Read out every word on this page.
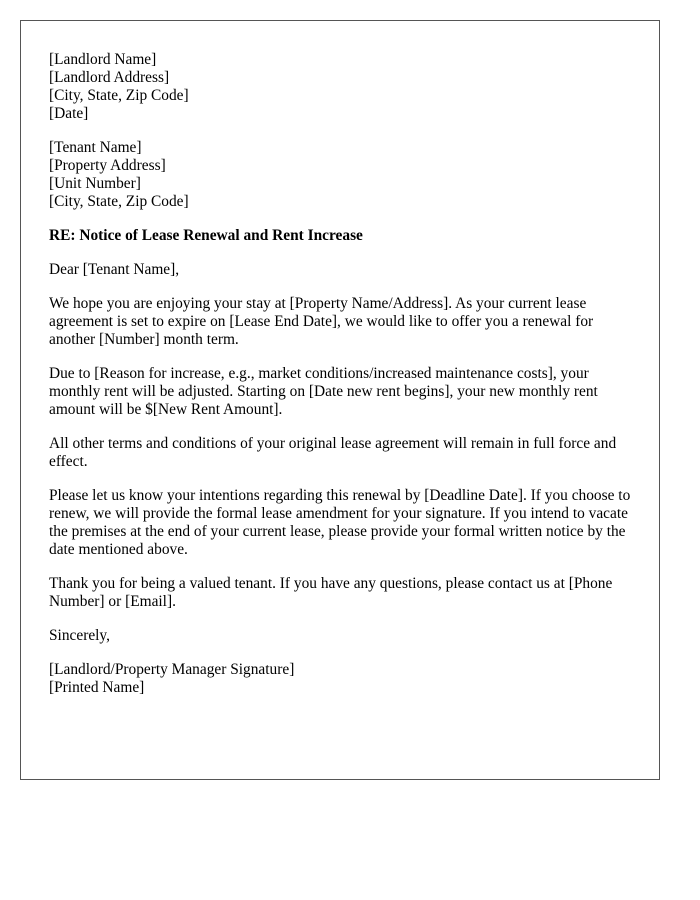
[Landlord Name]
[Landlord Address]
[City, State, Zip Code]
[Date]
[Tenant Name]
[Property Address]
[Unit Number]
[City, State, Zip Code]
RE: Notice of Lease Renewal and Rent Increase

Dear [Tenant Name],

We hope you are enjoying your stay at [Property Name/Address]. As your current lease agreement is set to expire on [Lease End Date], we would like to offer you a renewal for another [Number] month term.

Due to [Reason for increase, e.g., market conditions/increased maintenance costs], your monthly rent will be adjusted. Starting on [Date new rent begins], your new monthly rent amount will be $[New Rent Amount].

All other terms and conditions of your original lease agreement will remain in full force and effect.

Please let us know your intentions regarding this renewal by [Deadline Date]. If you choose to renew, we will provide the formal lease amendment for your signature. If you intend to vacate the premises at the end of your current lease, please provide your formal written notice by the date mentioned above.

Thank you for being a valued tenant. If you have any questions, please contact us at [Phone Number] or [Email].

Sincerely,

[Landlord/Property Manager Signature]
[Printed Name]
